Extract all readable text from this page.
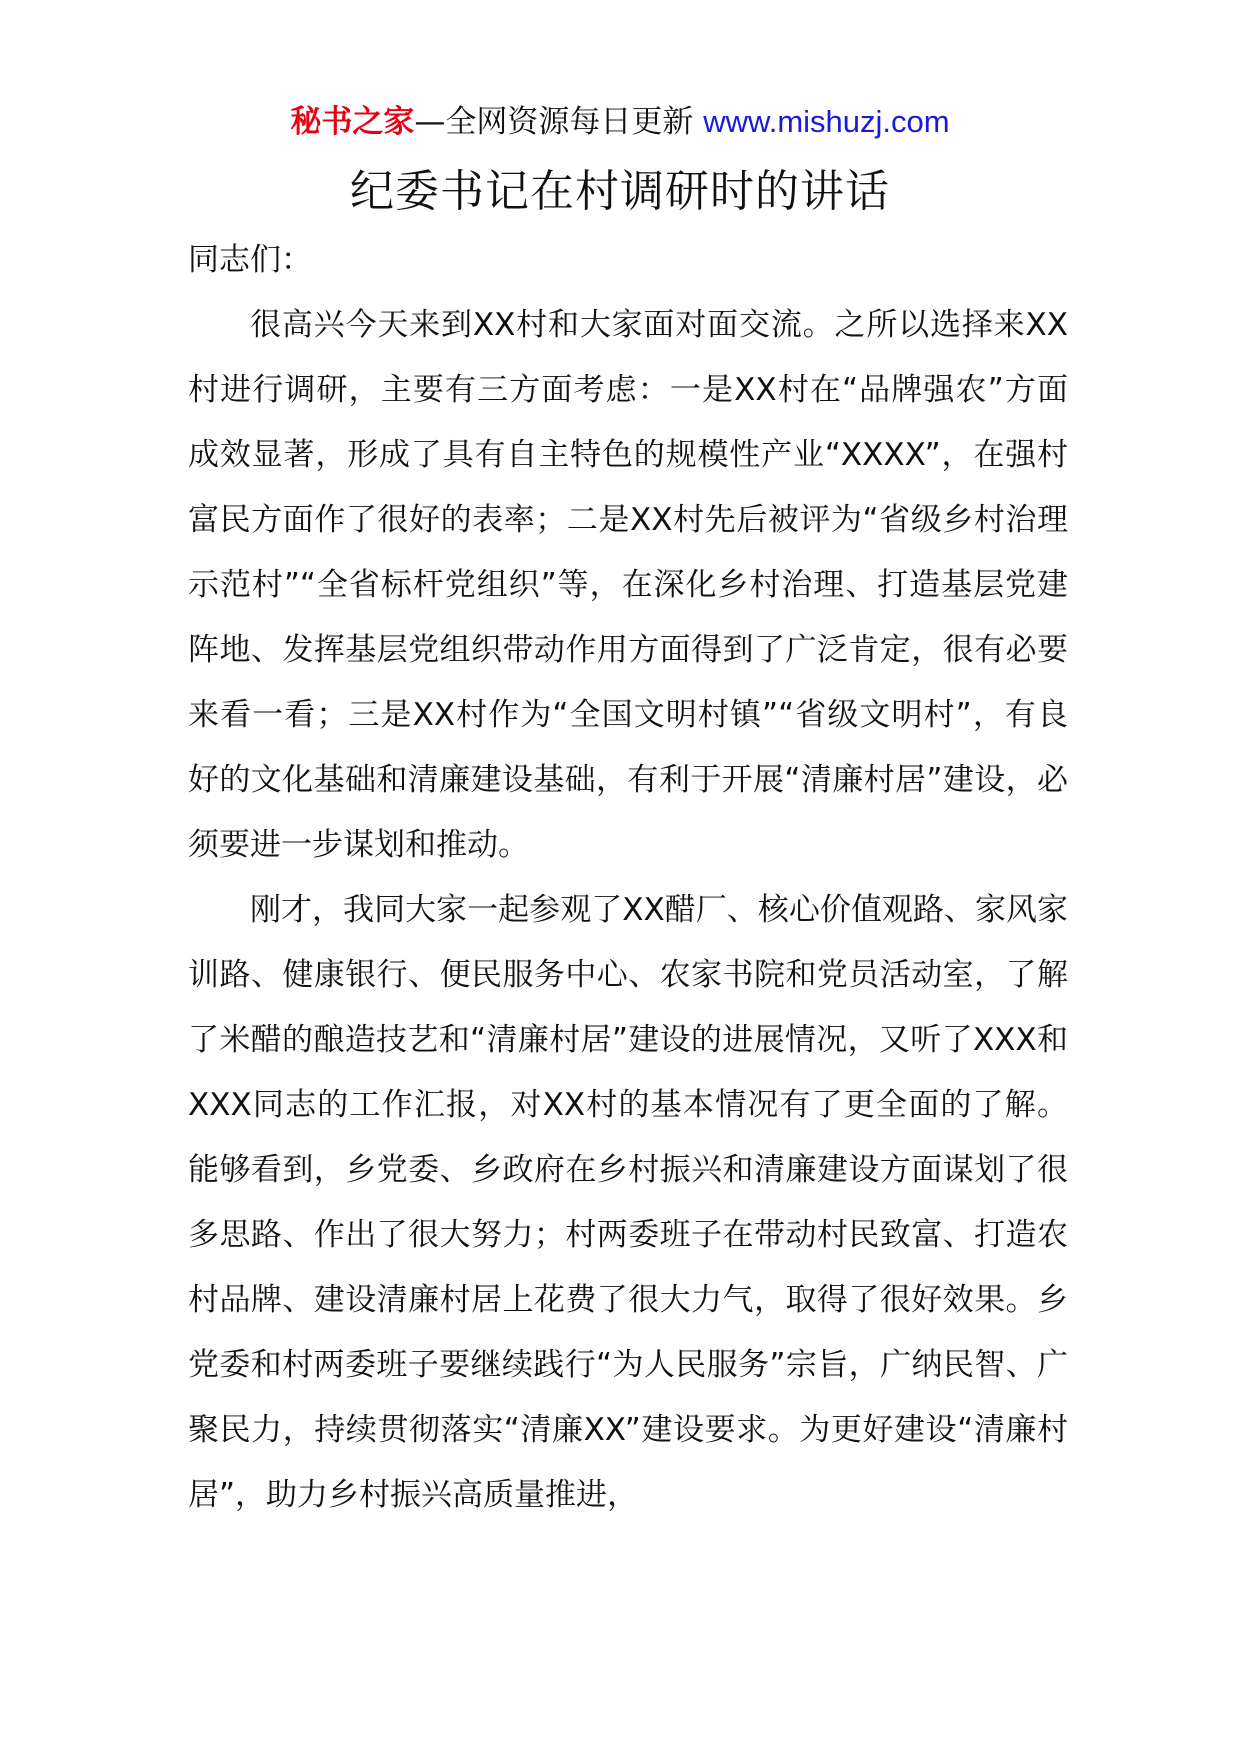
秘书之家—全网资源每日更新 www.mishuzj.com
纪委书记在村调研时的讲话

同志们：

很高兴今天来到XX村和大家面对面交流。之所以选择来XX村进行调研，主要有三方面考虑：一是XX村在“品牌强农”方面成效显著，形成了具有自主特色的规模性产业“XXXX”，在强村富民方面作了很好的表率；二是XX村先后被评为“省级乡村治理示范村”“全省标杆党组织”等，在深化乡村治理、打造基层党建阵地、发挥基层党组织带动作用方面得到了广泛肯定，很有必要来看一看；三是XX村作为“全国文明村镇”“省级文明村”，有良好的文化基础和清廉建设基础，有利于开展“清廉村居”建设，必须要进一步谋划和推动。

刚才，我同大家一起参观了XX醋厂、核心价值观路、家风家训路、健康银行、便民服务中心、农家书院和党员活动室，了解了米醋的酿造技艺和“清廉村居”建设的进展情况，又听了XXX和XXX同志的工作汇报，对XX村的基本情况有了更全面的了解。能够看到，乡党委、乡政府在乡村振兴和清廉建设方面谋划了很多思路、作出了很大努力；村两委班子在带动村民致富、打造农村品牌、建设清廉村居上花费了很大力气，取得了很好效果。乡党委和村两委班子要继续践行“为人民服务”宗旨，广纳民智、广聚民力，持续贯彻落实“清廉XX”建设要求。为更好建设“清廉村居”，助力乡村振兴高质量推进，
